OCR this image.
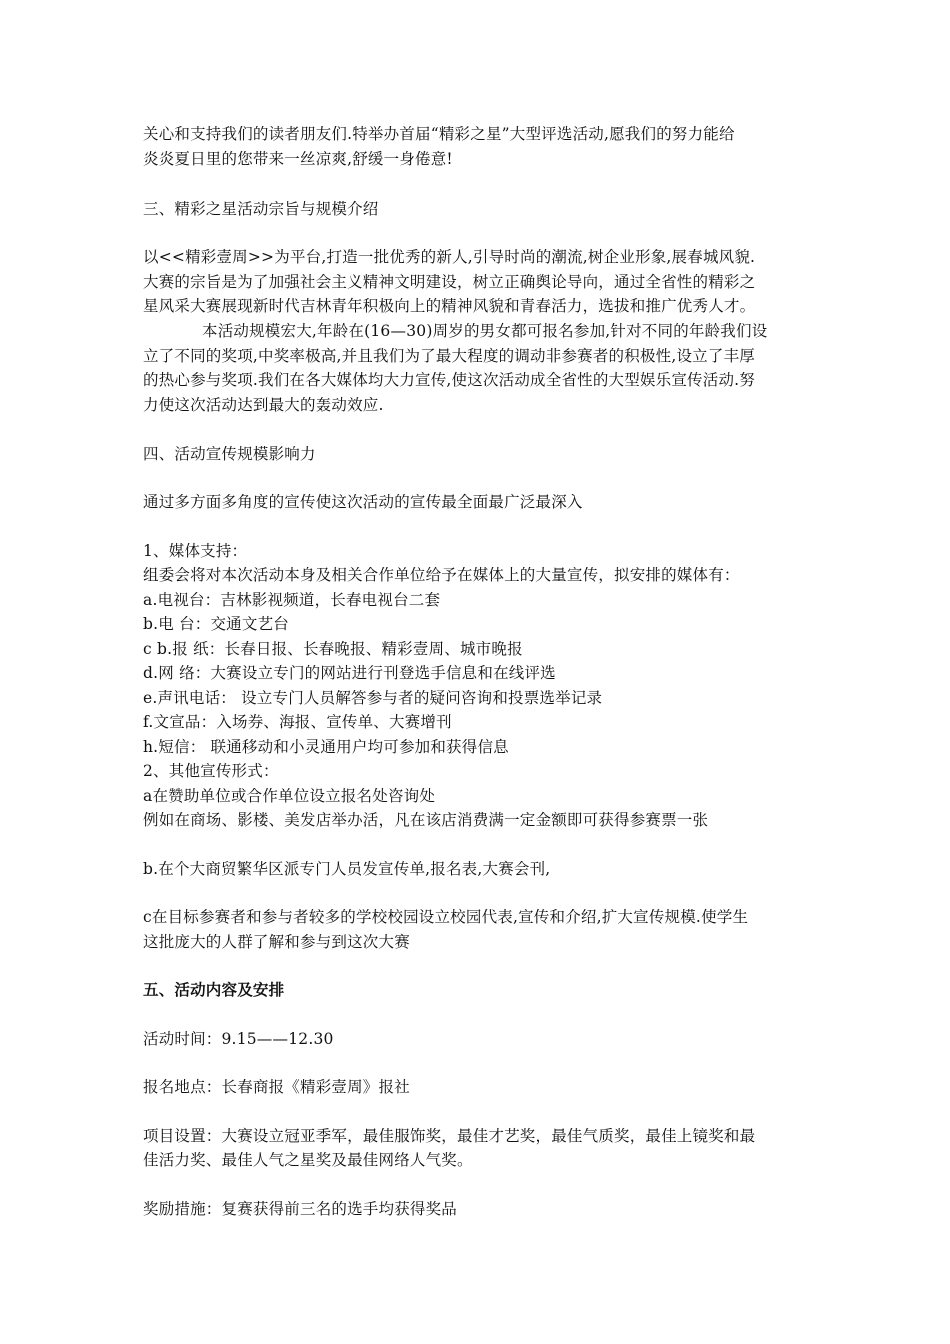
关心和支持我们的读者朋友们.特举办首届“精彩之星”大型评选活动,愿我们的努力能给
炎炎夏日里的您带来一丝凉爽,舒缓一身倦意!
三、精彩之星活动宗旨与规模介绍
以<<精彩壹周>>为平台,打造一批优秀的新人,引导时尚的潮流,树企业形象,展春城风貌.
大赛的宗旨是为了加强社会主义精神文明建设，树立正确舆论导向，通过全省性的精彩之
星风采大赛展现新时代吉林青年积极向上的精神风貌和青春活力，选拔和推广优秀人才。
本活动规模宏大,年龄在(16—30)周岁的男女都可报名参加,针对不同的年龄我们设
立了不同的奖项,中奖率极高,并且我们为了最大程度的调动非参赛者的积极性,设立了丰厚
的热心参与奖项.我们在各大媒体均大力宣传,使这次活动成全省性的大型娱乐宣传活动.努
力使这次活动达到最大的轰动效应.
四、活动宣传规模影响力
通过多方面多角度的宣传使这次活动的宣传最全面最广泛最深入
1、媒体支持：
组委会将对本次活动本身及相关合作单位给予在媒体上的大量宣传，拟安排的媒体有：
a.电视台：吉林影视频道，长春电视台二套
b.电 台：交通文艺台
c b.报 纸：长春日报、长春晚报、精彩壹周、城市晚报
d.网 络：大赛设立专门的网站进行刊登选手信息和在线评选
e.声讯电话： 设立专门人员解答参与者的疑问咨询和投票选举记录
f.文宣品：入场券、海报、宣传单、大赛增刊
h.短信： 联通移动和小灵通用户均可参加和获得信息
2、其他宣传形式：
a在赞助单位或合作单位设立报名处咨询处
例如在商场、影楼、美发店举办活，凡在该店消费满一定金额即可获得参赛票一张
b.在个大商贸繁华区派专门人员发宣传单,报名表,大赛会刊,
c在目标参赛者和参与者较多的学校校园设立校园代表,宣传和介绍,扩大宣传规模.使学生
这批庞大的人群了解和参与到这次大赛
五、活动内容及安排
活动时间：9.15——12.30
报名地点：长春商报《精彩壹周》报社
项目设置：大赛设立冠亚季军，最佳服饰奖，最佳才艺奖，最佳气质奖，最佳上镜奖和最
佳活力奖、最佳人气之星奖及最佳网络人气奖。
奖励措施：复赛获得前三名的选手均获得奖品
